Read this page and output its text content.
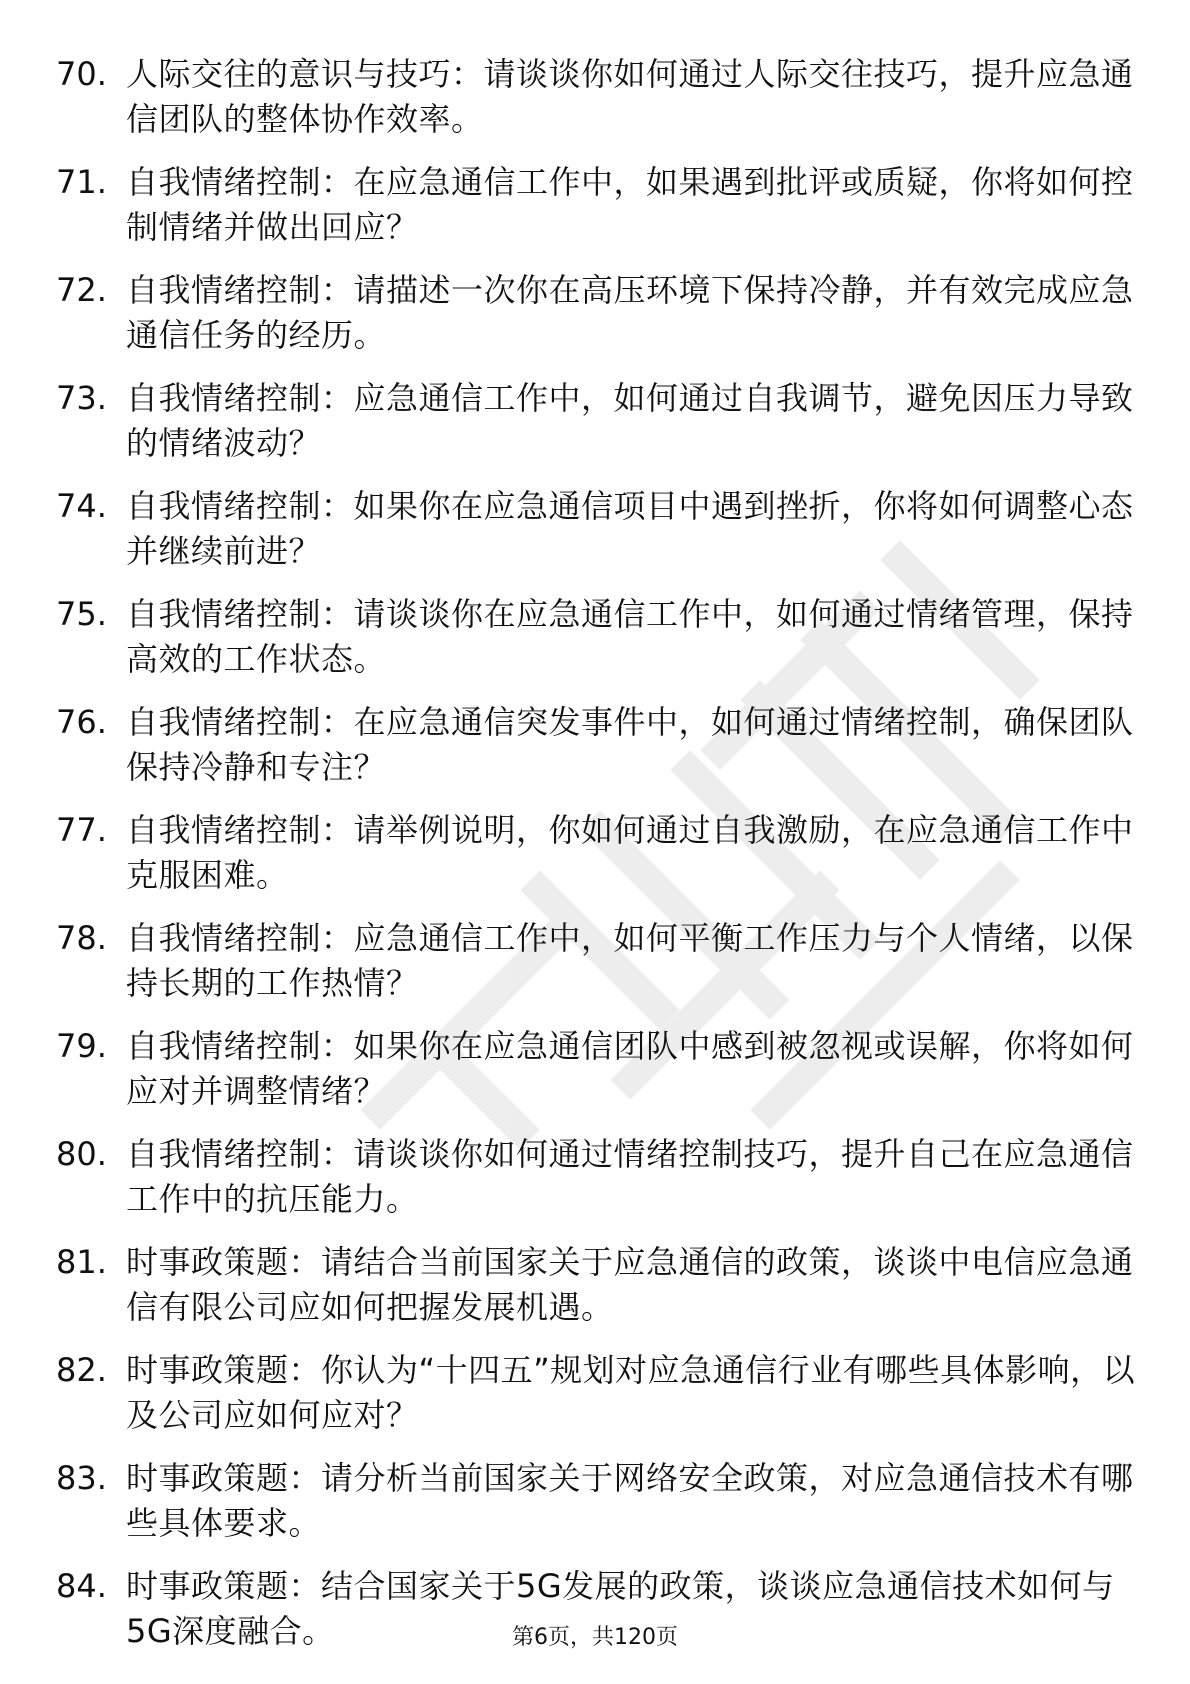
70. 人际交往的意识与技巧：请谈谈你如何通过人际交往技巧，提升应急通信团队的整体协作效率。
71. 自我情绪控制：在应急通信工作中，如果遇到批评或质疑，你将如何控制情绪并做出回应？
72. 自我情绪控制：请描述一次你在高压环境下保持冷静，并有效完成应急通信任务的经历。
73. 自我情绪控制：应急通信工作中，如何通过自我调节，避免因压力导致的情绪波动？
74. 自我情绪控制：如果你在应急通信项目中遇到挫折，你将如何调整心态并继续前进？
75. 自我情绪控制：请谈谈你在应急通信工作中，如何通过情绪管理，保持高效的工作状态。
76. 自我情绪控制：在应急通信突发事件中，如何通过情绪控制，确保团队保持冷静和专注？
77. 自我情绪控制：请举例说明，你如何通过自我激励，在应急通信工作中克服困难。
78. 自我情绪控制：应急通信工作中，如何平衡工作压力与个人情绪，以保持长期的工作热情？
79. 自我情绪控制：如果你在应急通信团队中感到被忽视或误解，你将如何应对并调整情绪？
80. 自我情绪控制：请谈谈你如何通过情绪控制技巧，提升自己在应急通信工作中的抗压能力。
81. 时事政策题：请结合当前国家关于应急通信的政策，谈谈中电信应急通信有限公司应如何把握发展机遇。
82. 时事政策题：你认为“十四五”规划对应急通信行业有哪些具体影响，以及公司应如何应对？
83. 时事政策题：请分析当前国家关于网络安全政策，对应急通信技术有哪些具体要求。
84. 时事政策题：结合国家关于5G发展的政策，谈谈应急通信技术如何与5G深度融合。	第6页，共120页
